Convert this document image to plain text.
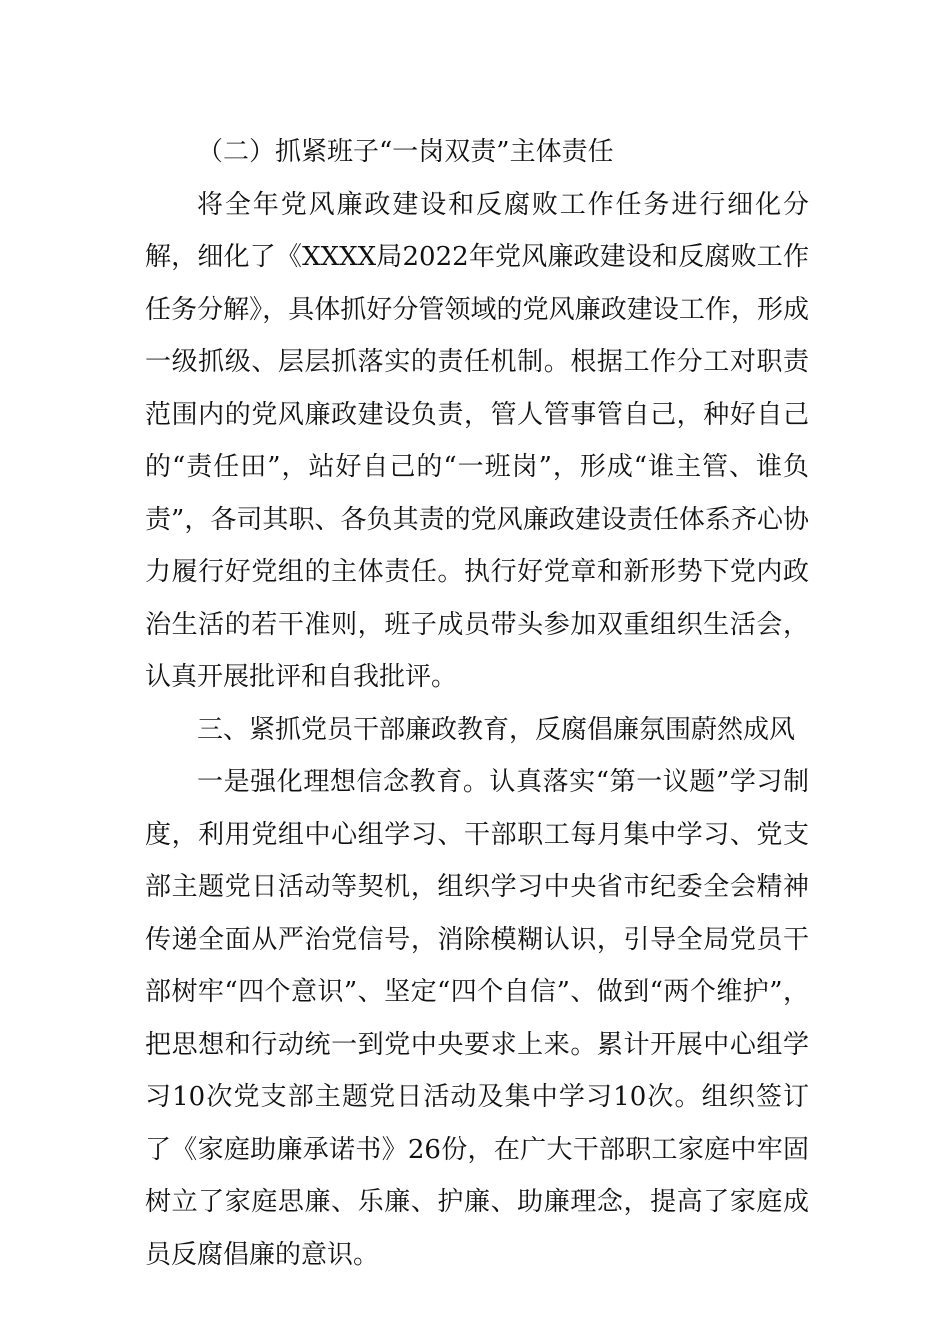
（二）抓紧班子“一岗双责”主体责任

将全年党风廉政建设和反腐败工作任务进行细化分解，细化了《XXXX局2022年党风廉政建设和反腐败工作任务分解》，具体抓好分管领域的党风廉政建设工作，形成一级抓级、层层抓落实的责任机制。根据工作分工对职责范围内的党风廉政建设负责，管人管事管自己，种好自己的“责任田”，站好自己的“一班岗”，形成“谁主管、谁负责”，各司其职、各负其责的党风廉政建设责任体系齐心协力履行好党组的主体责任。执行好党章和新形势下党内政治生活的若干准则，班子成员带头参加双重组织生活会，认真开展批评和自我批评。

三、紧抓党员干部廉政教育，反腐倡廉氛围蔚然成风

一是强化理想信念教育。认真落实“第一议题”学习制度，利用党组中心组学习、干部职工每月集中学习、党支部主题党日活动等契机，组织学习中央省市纪委全会精神传递全面从严治党信号，消除模糊认识，引导全局党员干部树牢“四个意识”、坚定“四个自信”、做到“两个维护”，把思想和行动统一到党中央要求上来。累计开展中心组学习10次党支部主题党日活动及集中学习10次。组织签订了《家庭助廉承诺书》26份，在广大干部职工家庭中牢固树立了家庭思廉、乐廉、护廉、助廉理念，提高了家庭成员反腐倡廉的意识。
